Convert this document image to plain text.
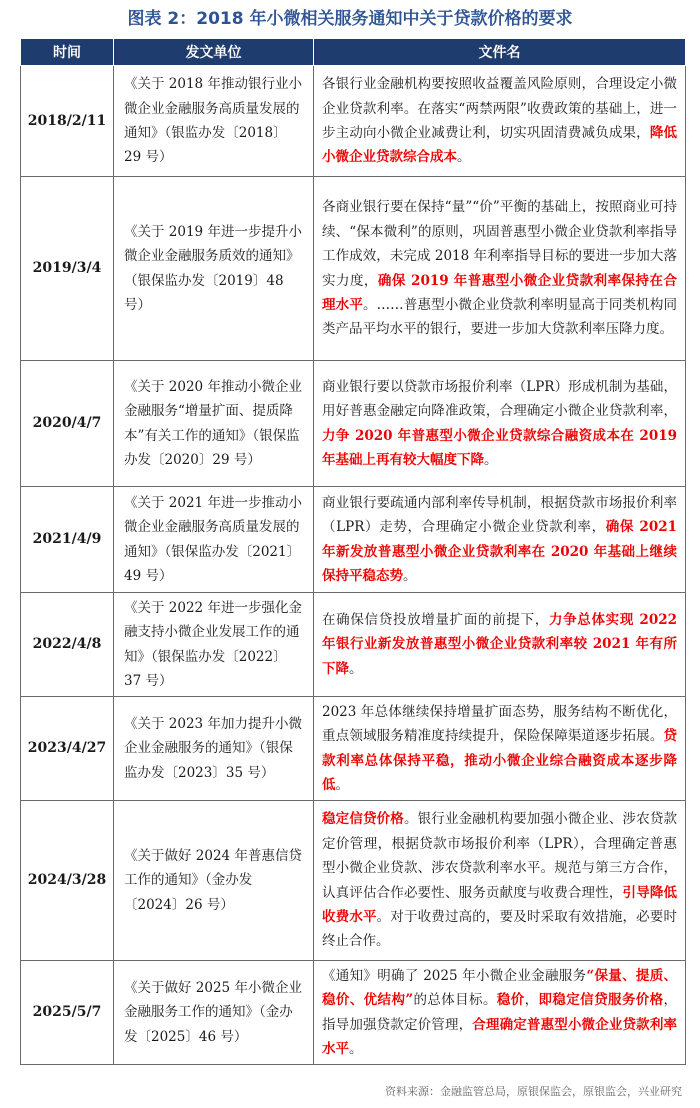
图表 2：2018 年小微相关服务通知中关于贷款价格的要求
时间	发文单位	文件名
2018/2/11	《关于 2018 年推动银行业小微企业金融服务高质量发展的通知》（银监办发〔2018〕29 号）	各银行业金融机构要按照收益覆盖风险原则，合理设定小微企业贷款利率。在落实“两禁两限”收费政策的基础上，进一步主动向小微企业减费让利，切实巩固清费减负成果，降低小微企业贷款综合成本。
2019/3/4	《关于 2019 年进一步提升小微企业金融服务质效的通知》（银保监办发〔2019〕48 号）	各商业银行要在保持“量”“价”平衡的基础上，按照商业可持续、“保本微利”的原则，巩固普惠型小微企业贷款利率指导工作成效，未完成 2018 年利率指导目标的要进一步加大落实力度，确保 2019 年普惠型小微企业贷款利率保持在合理水平。……普惠型小微企业贷款利率明显高于同类机构同类产品平均水平的银行，要进一步加大贷款利率压降力度。
2020/4/7	《关于 2020 年推动小微企业金融服务“增量扩面、提质降本”有关工作的通知》（银保监办发〔2020〕29 号）	商业银行要以贷款市场报价利率（LPR）形成机制为基础，用好普惠金融定向降准政策，合理确定小微企业贷款利率，力争 2020 年普惠型小微企业贷款综合融资成本在 2019 年基础上再有较大幅度下降。
2021/4/9	《关于 2021 年进一步推动小微企业金融服务高质量发展的通知》（银保监办发〔2021〕49 号）	商业银行要疏通内部利率传导机制，根据贷款市场报价利率（LPR）走势，合理确定小微企业贷款利率，确保 2021 年新发放普惠型小微企业贷款利率在 2020 年基础上继续保持平稳态势。
2022/4/8	《关于 2022 年进一步强化金融支持小微企业发展工作的通知》（银保监办发〔2022〕37 号）	在确保信贷投放增量扩面的前提下，力争总体实现 2022 年银行业新发放普惠型小微企业贷款利率较 2021 年有所下降。
2023/4/27	《关于 2023 年加力提升小微企业金融服务的通知》（银保监办发〔2023〕35 号）	2023 年总体继续保持增量扩面态势，服务结构不断优化，重点领域服务精准度持续提升，保险保障渠道逐步拓展。贷款利率总体保持平稳，推动小微企业综合融资成本逐步降低。
2024/3/28	《关于做好 2024 年普惠信贷工作的通知》（金办发〔2024〕26 号）	稳定信贷价格。银行业金融机构要加强小微企业、涉农贷款定价管理，根据贷款市场报价利率（LPR），合理确定普惠型小微企业贷款、涉农贷款利率水平。规范与第三方合作，认真评估合作必要性、服务贡献度与收费合理性，引导降低收费水平。对于收费过高的，要及时采取有效措施，必要时终止合作。
2025/5/7	《关于做好 2025 年小微企业金融服务工作的通知》（金办发〔2025〕46 号）	《通知》明确了 2025 年小微企业金融服务“保量、提质、稳价、优结构”的总体目标。稳价，即稳定信贷服务价格，指导加强贷款定价管理，合理确定普惠型小微企业贷款利率水平。
资料来源：金融监管总局，原银保监会，原银监会，兴业研究
